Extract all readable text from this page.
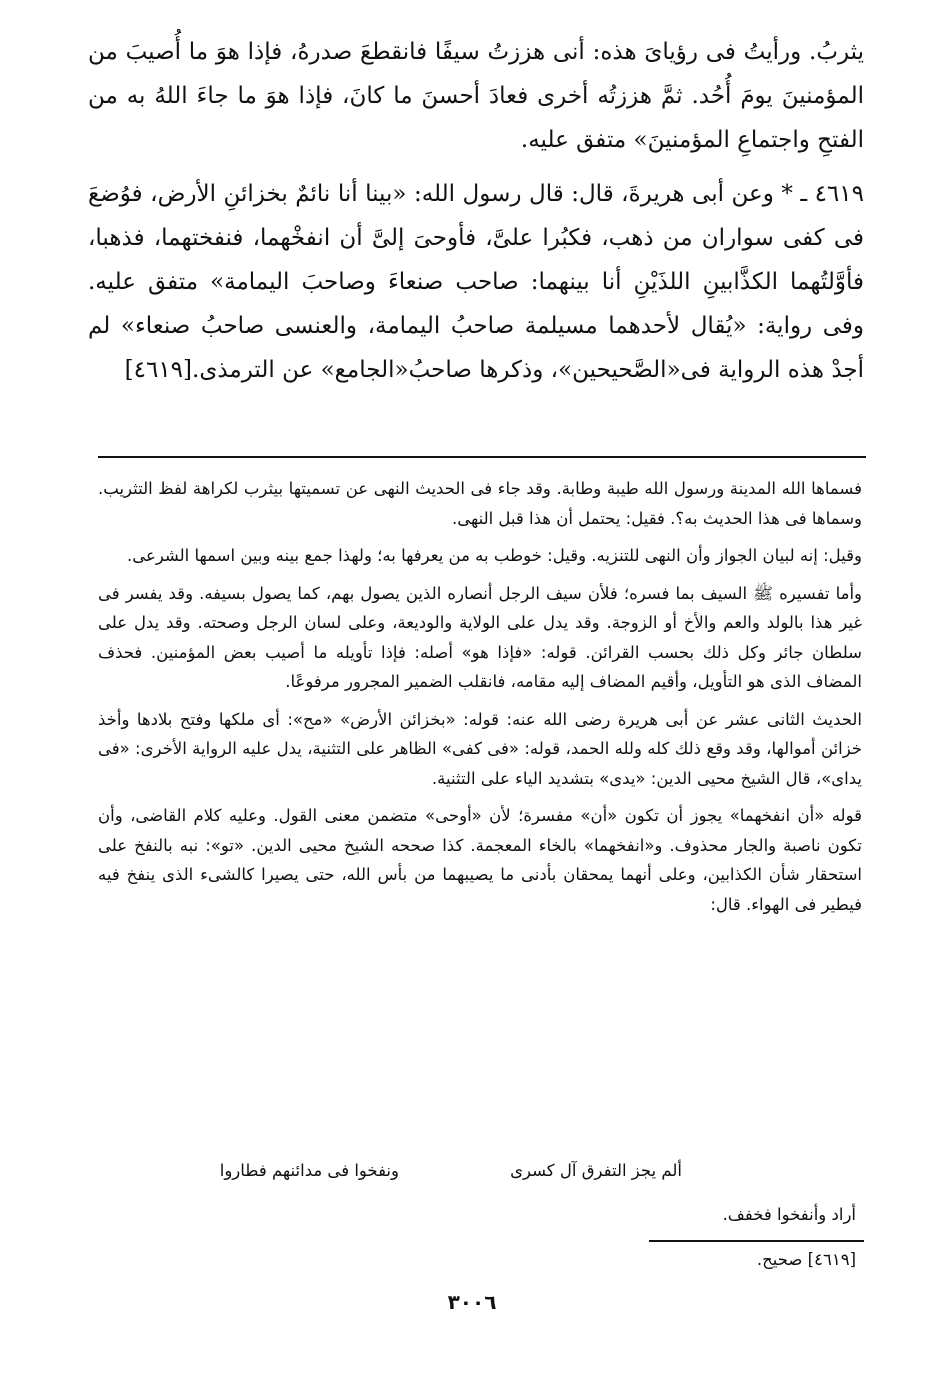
يثربُ. ورأيتُ فى رؤياىَ هذه: أنى هززتُ سيفًا فانقطعَ صدرهُ، فإذا هوَ ما أُصيبَ من المؤمنينَ يومَ أُحُد. ثمَّ هززتُه أخرى فعادَ أحسنَ ما كانَ، فإذا هوَ ما جاءَ اللهُ به من الفتحِ واجتماعِ المؤمنينَ» متفق عليه.

٤٦١٩ ـ * وعن أبى هريرةَ، قال: قال رسول الله: «بينا أنا نائمٌ بخزائنِ الأرض، فوُضعَ فى كفى سواران من ذهب، فكبُرا علىَّ، فأوحىَ إلىَّ أن انفخْهما، فنفختهما، فذهبا، فأوَّلتُهما الكذَّابينِ اللذَيْنِ أنا بينهما: صاحب صنعاءَ وصاحبَ اليمامة» متفق عليه. وفى رواية: «يُقال لأحدهما مسيلمة صاحبُ اليمامة، والعنسى صاحبُ صنعاء» لم أجدْ هذه الرواية فى«الصَّحيحين»، وذكرها صاحبُ«الجامع» عن الترمذى.[٤٦١٩]

فسماها الله المدينة ورسول الله طيبة وطابة. وقد جاء فى الحديث النهى عن تسميتها بيثرب لكراهة لفظ التثريب. وسماها فى هذا الحديث به؟. فقيل: يحتمل أن هذا قبل النهى.

وقيل: إنه لبيان الجواز وأن النهى للتنزيه. وقيل: خوطب به من يعرفها به؛ ولهذا جمع بينه وبين اسمها الشرعى.

وأما تفسيره ﷺ السيف بما فسره؛ فلأن سيف الرجل أنصاره الذين يصول بهم، كما يصول بسيفه. وقد يفسر فى غير هذا بالولد والعم والأخ أو الزوجة. وقد يدل على الولاية والوديعة، وعلى لسان الرجل وصحته. وقد يدل على سلطان جائر وكل ذلك بحسب القرائن. قوله: «فإذا هو» أصله: فإذا تأويله ما أصيب بعض المؤمنين. فحذف المضاف الذى هو التأويل، وأقيم المضاف إليه مقامه، فانقلب الضمير المجرور مرفوعًا.

الحديث الثانى عشر عن أبى هريرة رضى الله عنه: قوله: «بخزائن الأرض» «مح»: أى ملكها وفتح بلادها وأخذ خزائن أموالها، وقد وقع ذلك كله ولله الحمد، قوله: «فى كفى» الظاهر على التثنية، يدل عليه الرواية الأخرى: «فى يداى»، قال الشيخ محيى الدين: «يدى» بتشديد الياء على التثنية.

قوله «أن انفخهما» يجوز أن تكون «أن» مفسرة؛ لأن «أوحى» متضمن معنى القول. وعليه كلام القاضى، وأن تكون ناصبة والجار محذوف. و«انفخهما» بالخاء المعجمة. كذا صححه الشيخ محيى الدين. «تو»: نبه بالنفخ على استحقار شأن الكذابين، وعلى أنهما يمحقان بأدنى ما يصيبهما من بأس الله، حتى يصيرا كالشىء الذى ينفخ فيه فيطير فى الهواء. قال:

ألم يجز التفرق آل كسرى
ونفخوا فى مدائنهم فطاروا
أراد وأنفخوا فخفف.
[٤٦١٩] صحيح.
٣٠٠٦
